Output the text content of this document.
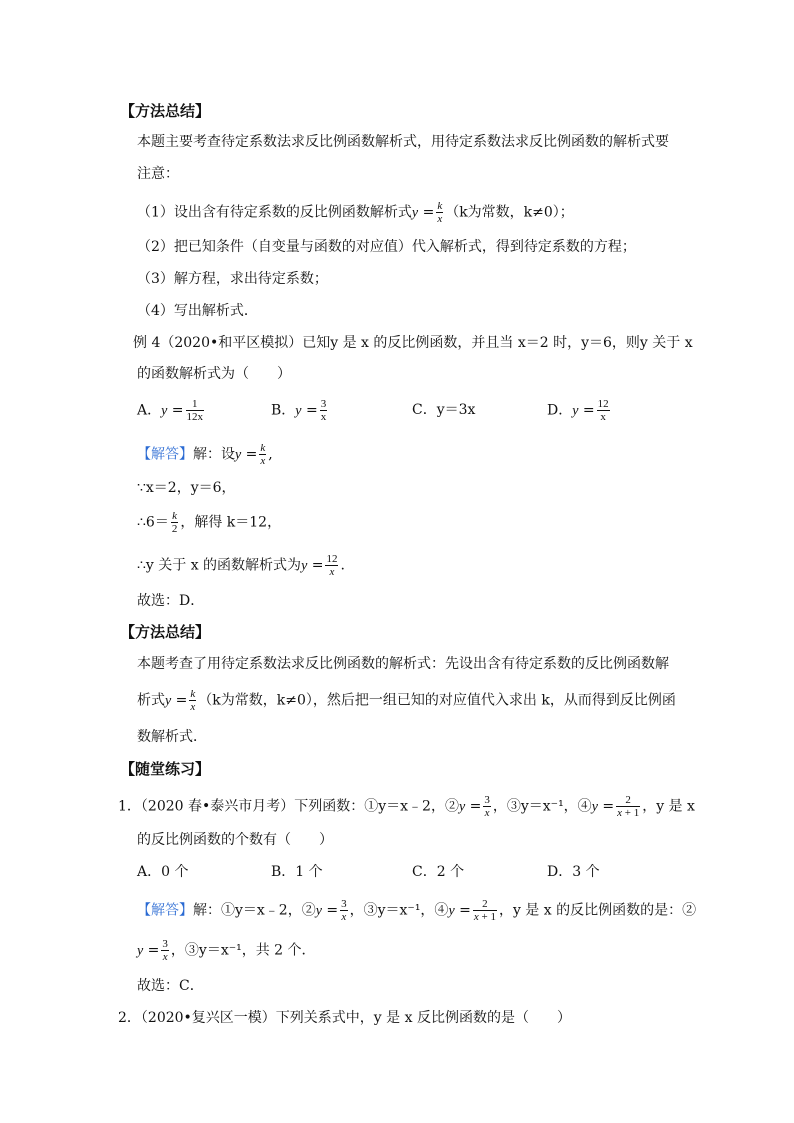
【方法总结】
本题主要考查待定系数法求反比例函数解析式，用待定系数法求反比例函数的解析式要
注意：
（1）设出含有待定系数的反比例函数解析式$y = \frac{k}{x} (k$为常数，k≠0）；
（2）把已知条件（自变量与函数的对应值）代入解析式，得到待定系数的方程；
（3）解方程，求出待定系数；
（4）写出解析式．
例 4（2020•和平区模拟）已知y 是 x 的反比例函数，并且当 x＝2 时，y＝6，则y 关于 x
的函数解析式为（　　）
A．$y = \frac{1}{12x}$	B．$y = \frac{3}{x}$	C．y＝3x	D．$y = \frac{12}{x}$
【解答】解：设$y = \frac{k}{x}$ ,
∵x＝2，y＝6，
∴6＝ $\frac{k}{2}$ ，解得 k＝12，
∴y 关于 x 的函数解析式为$y = \frac{12}{x}$ .
故选：D．
【方法总结】
本题考查了用待定系数法求反比例函数的解析式：先设出含有待定系数的反比例函数解
析式$y = \frac{k}{x} (k$为常数，k≠0），然后把一组已知的对应值代入求出 k，从而得到反比例函
数解析式．
【随堂练习】
1．（2020 春•泰兴市月考）下列函数：①y＝x﹣2，②y = $\frac{3}{x}$ ，③y＝x⁻¹，④y = $\frac{2}{x + 1}$ ，y 是 x
的反比例函数的个数有（　　）
A．0 个	B．1 个	C．2 个	D．3 个
【解答】解：①y＝x﹣2，②y = $\frac{3}{x}$ ，③y＝x⁻¹，④y = $\frac{2}{x + 1}$ ，y 是 x 的反比例函数的是：②
$y = \frac{3}{x}$ ，③y＝x⁻¹，共 2 个．
故选：C．
2．（2020•复兴区一模）下列关系式中，y 是 x 反比例函数的是（　　）
